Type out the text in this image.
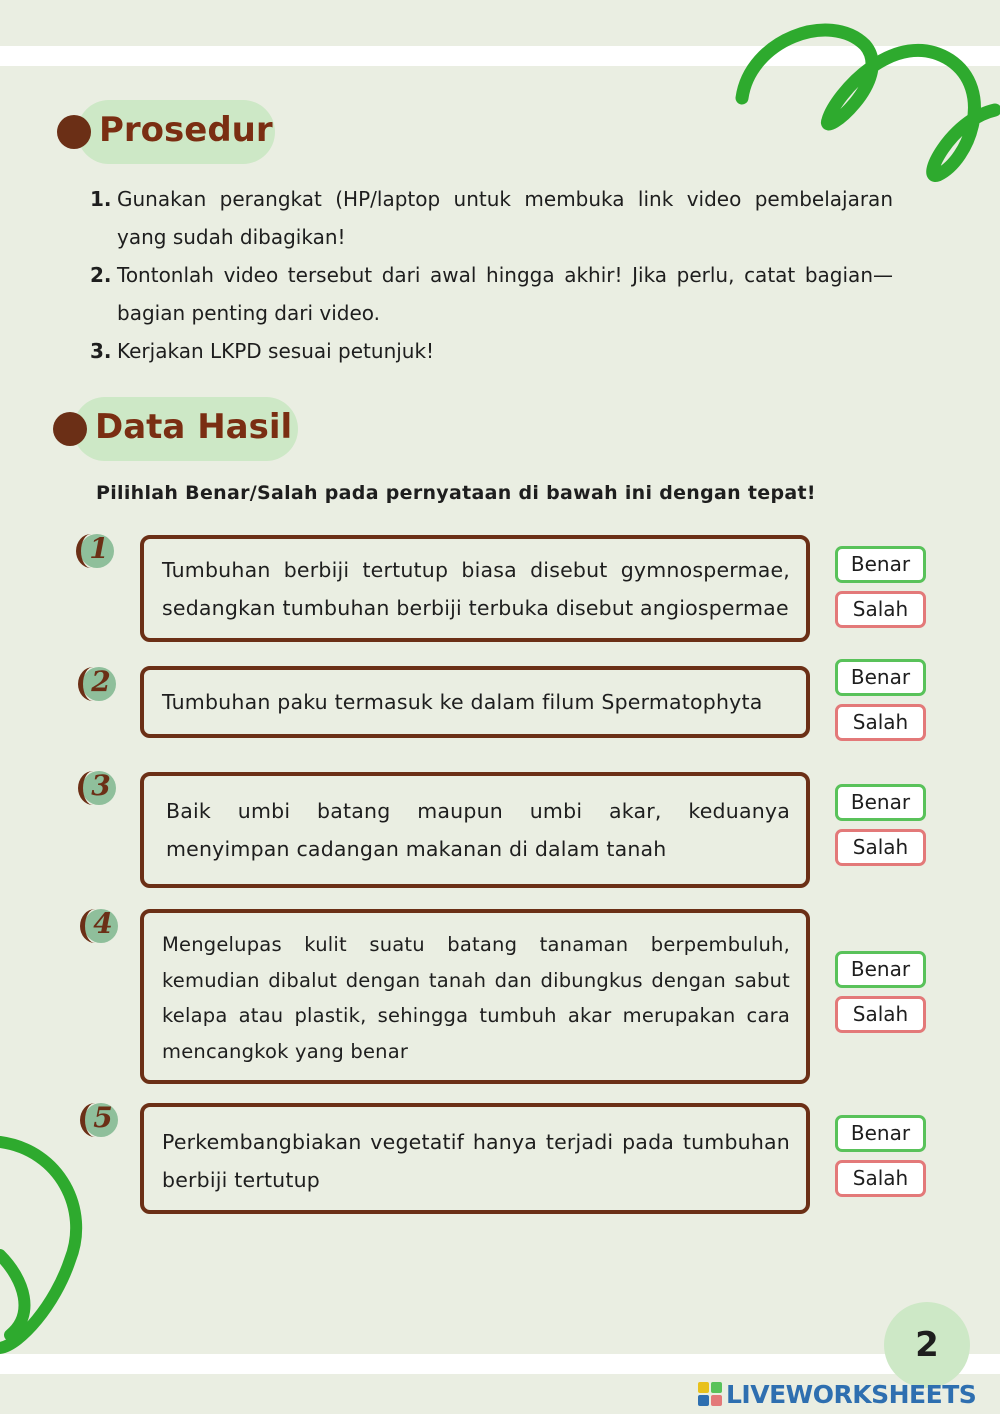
Prosedur
1. Gunakan perangkat (HP/laptop untuk membuka link video pembelajaran yang sudah dibagikan!
2. Tontonlah video tersebut dari awal hingga akhir! Jika perlu, catat bagian—bagian penting dari video.
3. Kerjakan LKPD sesuai petunjuk!
Data Hasil
Pilihlah Benar/Salah pada pernyataan di bawah ini dengan tepat!
1

Tumbuhan berbiji tertutup biasa disebut gymnospermae, sedangkan tumbuhan berbiji terbuka disebut angiospermae

Benar
Salah
2

Tumbuhan paku termasuk ke dalam filum Spermatophyta

Benar
Salah
3

Baik umbi batang maupun umbi akar, keduanya menyimpan cadangan makanan di dalam tanah

Benar
Salah
4

Mengelupas kulit suatu batang tanaman berpembuluh, kemudian dibalut dengan tanah dan dibungkus dengan sabut kelapa atau plastik, sehingga tumbuh akar merupakan cara mencangkok yang benar

Benar
Salah
5

Perkembangbiakan vegetatif hanya terjadi pada tumbuhan berbiji tertutup

Benar
Salah
2
LIVEWORKSHEETS
